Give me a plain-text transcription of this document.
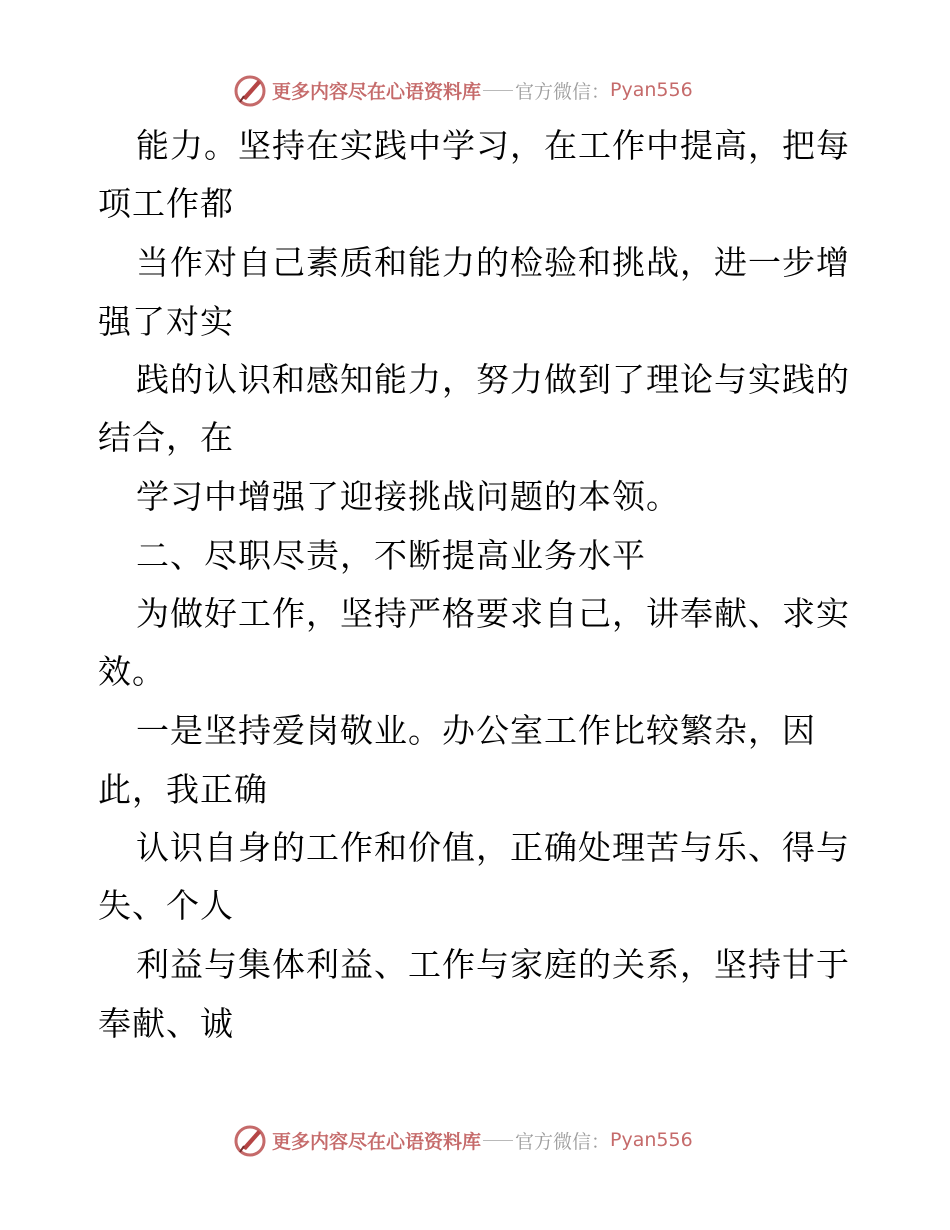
更多内容尽在心语资料库 官方微信： Pyan556
能力。坚持在实践中学习，在工作中提高，把每
项工作都
当作对自己素质和能力的检验和挑战，进一步增
强了对实
践的认识和感知能力，努力做到了理论与实践的
结合，在
学习中增强了迎接挑战问题的本领。
二、尽职尽责，不断提高业务水平
为做好工作，坚持严格要求自己，讲奉献、求实
效。
一是坚持爱岗敬业。办公室工作比较繁杂，因
此，我正确
认识自身的工作和价值，正确处理苦与乐、得与
失、个人
利益与集体利益、工作与家庭的关系，坚持甘于
奉献、诚
更多内容尽在心语资料库 官方微信： Pyan556
